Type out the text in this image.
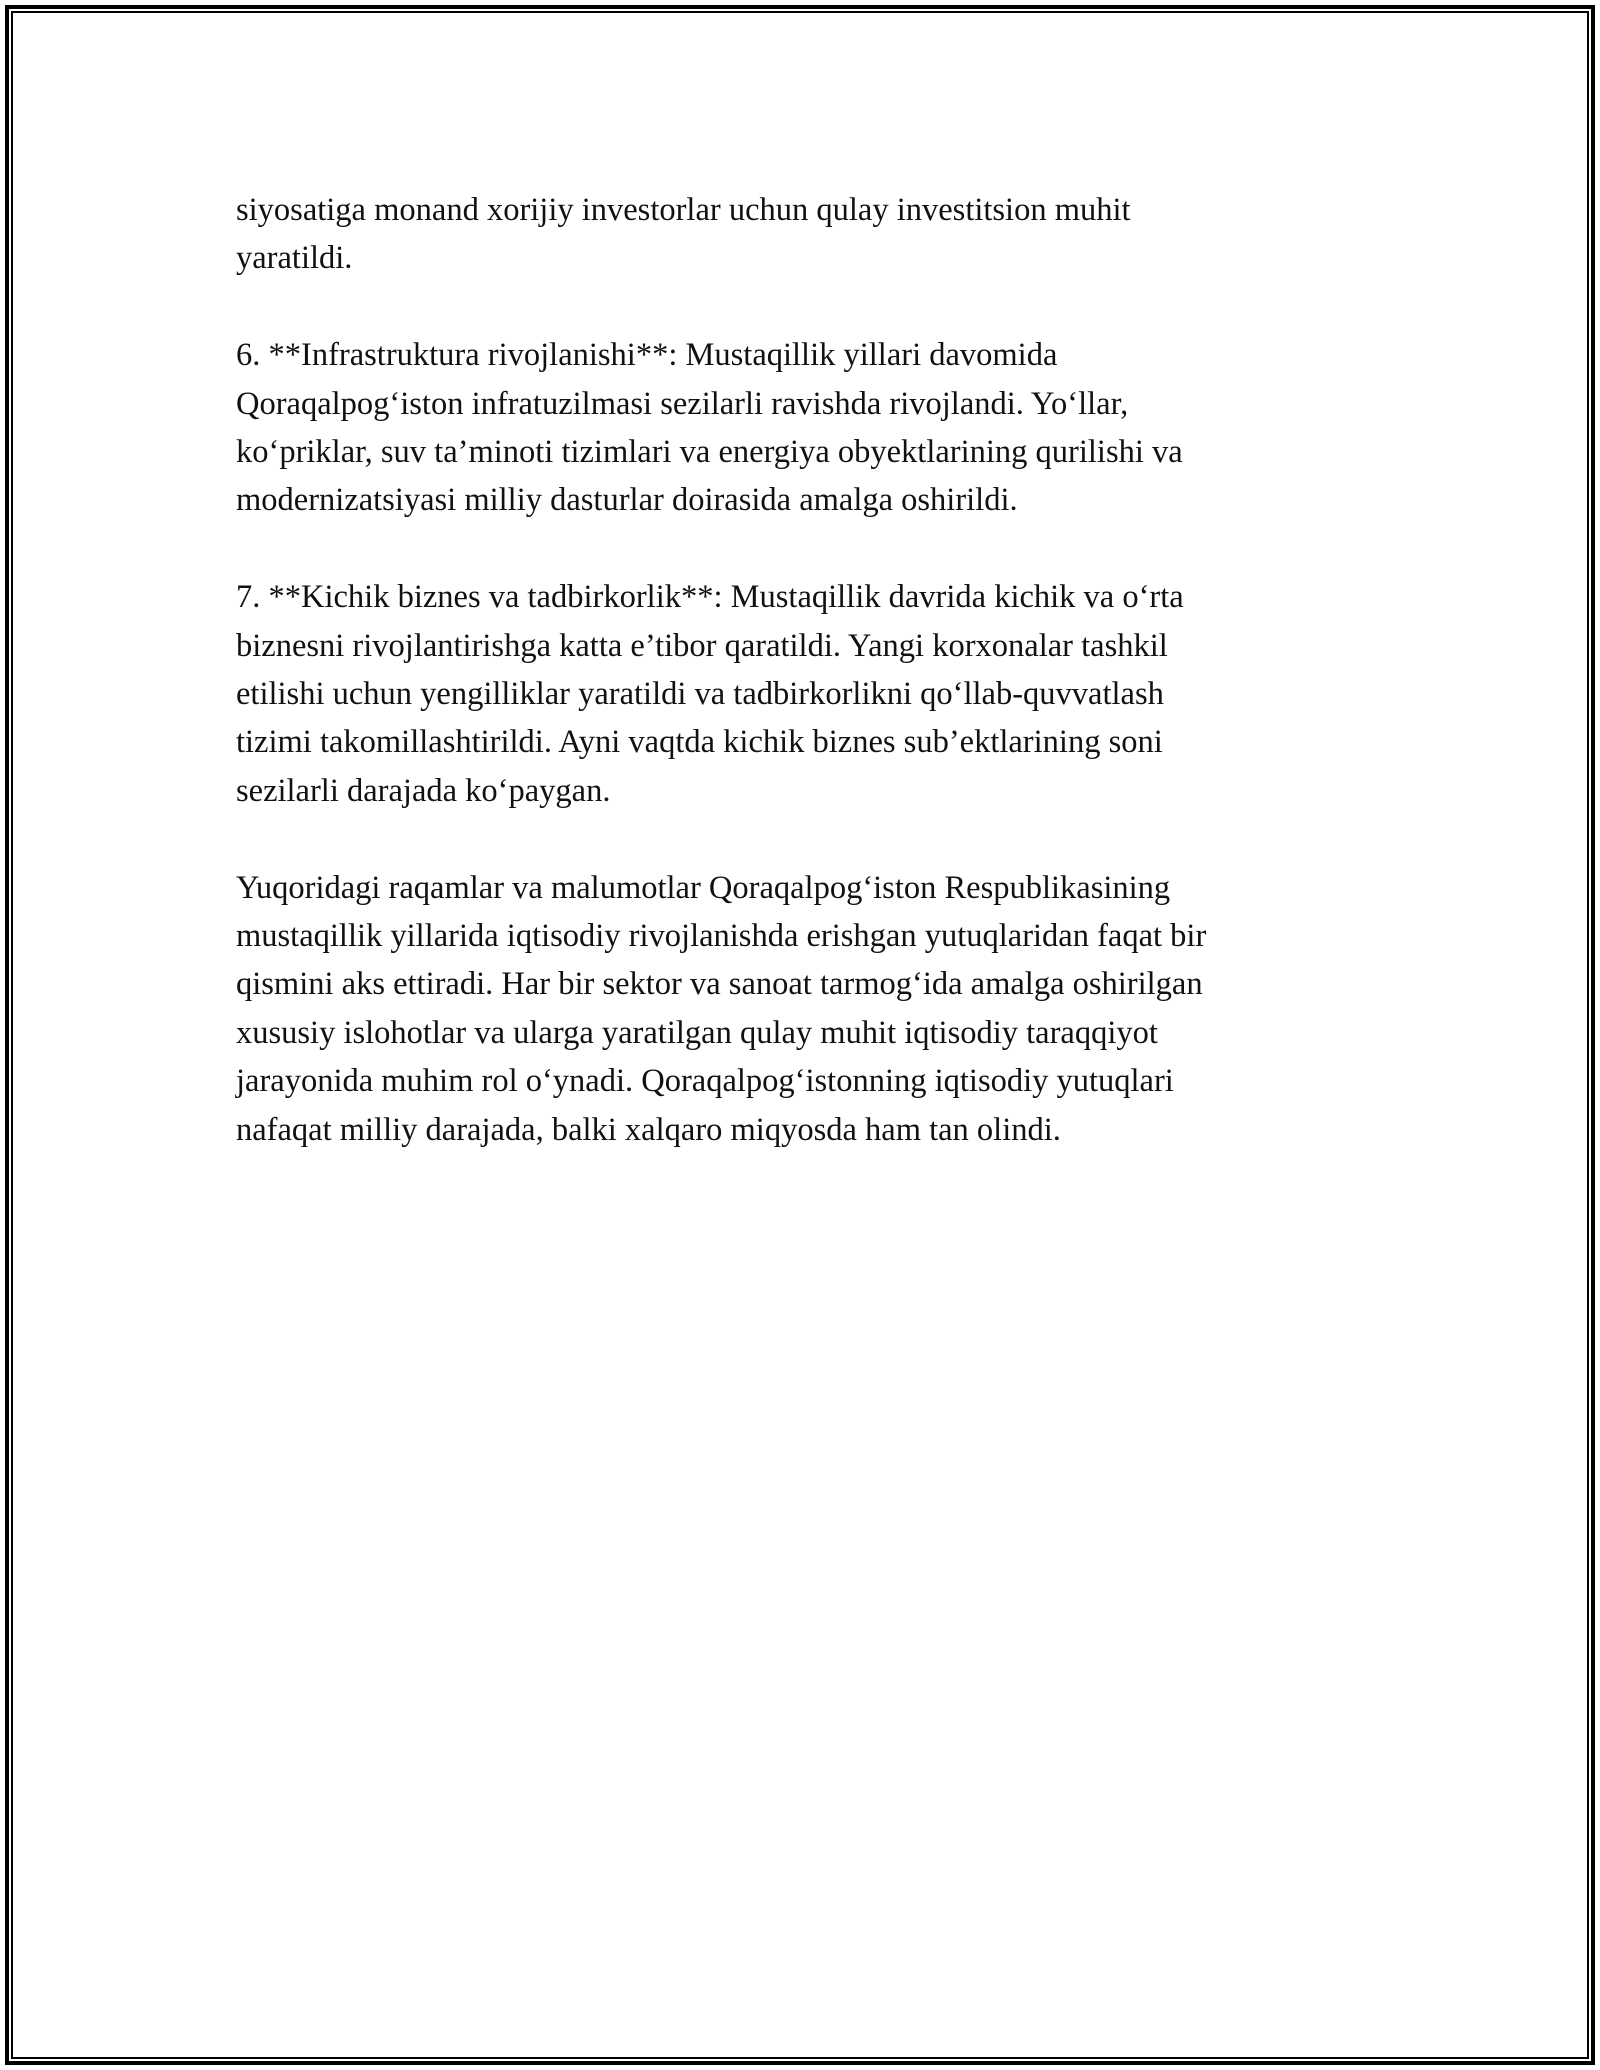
siyosatiga monand xorijiy investorlar uchun qulay investitsion muhit
yaratildi.

6. **Infrastruktura rivojlanishi**: Mustaqillik yillari davomida
Qoraqalpog‘iston infratuzilmasi sezilarli ravishda rivojlandi. Yo‘llar,
ko‘priklar, suv ta’minoti tizimlari va energiya obyektlarining qurilishi va
modernizatsiyasi milliy dasturlar doirasida amalga oshirildi.

7. **Kichik biznes va tadbirkorlik**: Mustaqillik davrida kichik va o‘rta
biznesni rivojlantirishga katta e’tibor qaratildi. Yangi korxonalar tashkil
etilishi uchun yengilliklar yaratildi va tadbirkorlikni qo‘llab-quvvatlash
tizimi takomillashtirildi. Ayni vaqtda kichik biznes sub’ektlarining soni
sezilarli darajada ko‘paygan.

Yuqoridagi raqamlar va malumotlar Qoraqalpog‘iston Respublikasining
mustaqillik yillarida iqtisodiy rivojlanishda erishgan yutuqlaridan faqat bir
qismini aks ettiradi. Har bir sektor va sanoat tarmog‘ida amalga oshirilgan
xususiy islohotlar va ularga yaratilgan qulay muhit iqtisodiy taraqqiyot
jarayonida muhim rol o‘ynadi. Qoraqalpog‘istonning iqtisodiy yutuqlari
nafaqat milliy darajada, balki xalqaro miqyosda ham tan olindi.
